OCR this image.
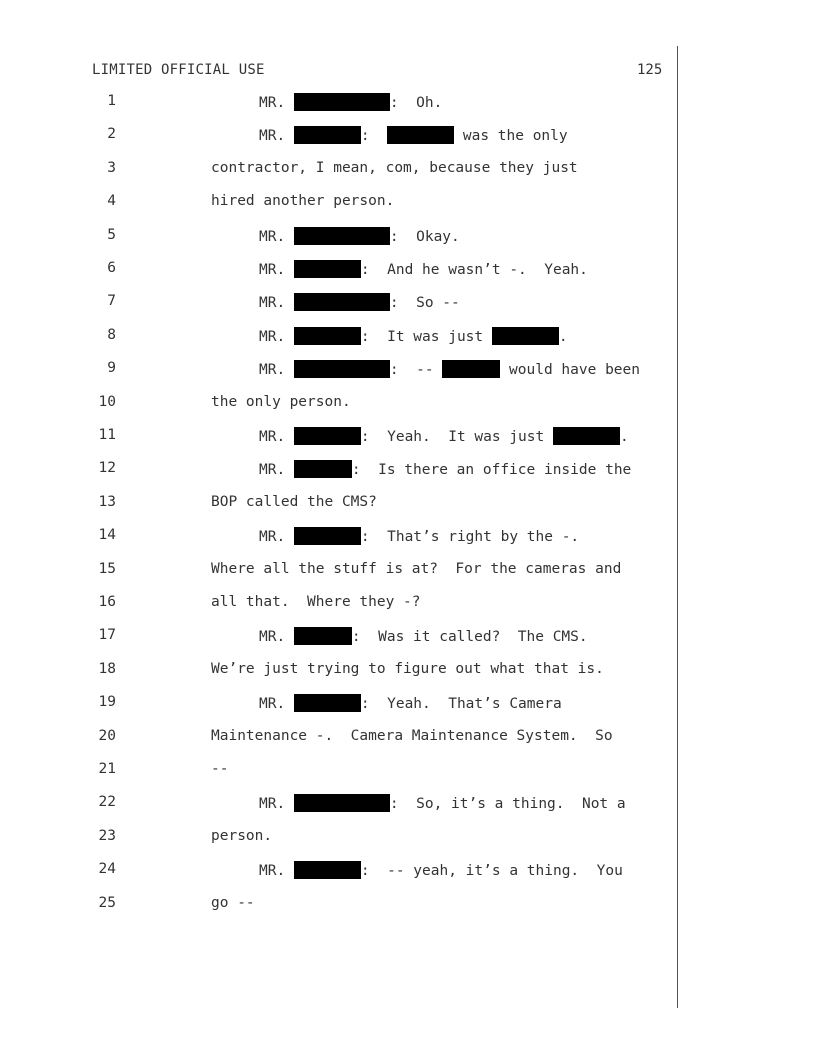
LIMITED OFFICIAL USE	125
1	MR.	:  Oh.
2	MR.	:	was the only
3	contractor, I mean, com, because they just
4	hired another person.
5	MR.	:  Okay.
6	MR.	:  And he wasn’t -.  Yeah.
7	MR.	:  So --
8	MR.	:  It was just	.
9	MR.	:  --	would have been
10	the only person.
11	MR.	:  Yeah.  It was just	.
12	MR.	:  Is there an office inside the
13	BOP called the CMS?
14	MR.	:  That’s right by the -.
15	Where all the stuff is at?  For the cameras and
16	all that.  Where they -?
17	MR.	:  Was it called?  The CMS.
18	We’re just trying to figure out what that is.
19	MR.	:  Yeah.  That’s Camera
20	Maintenance -.  Camera Maintenance System.  So
21	--
22	MR.	:  So, it’s a thing.  Not a
23	person.
24	MR.	:  -- yeah, it’s a thing.  You
25	go --
